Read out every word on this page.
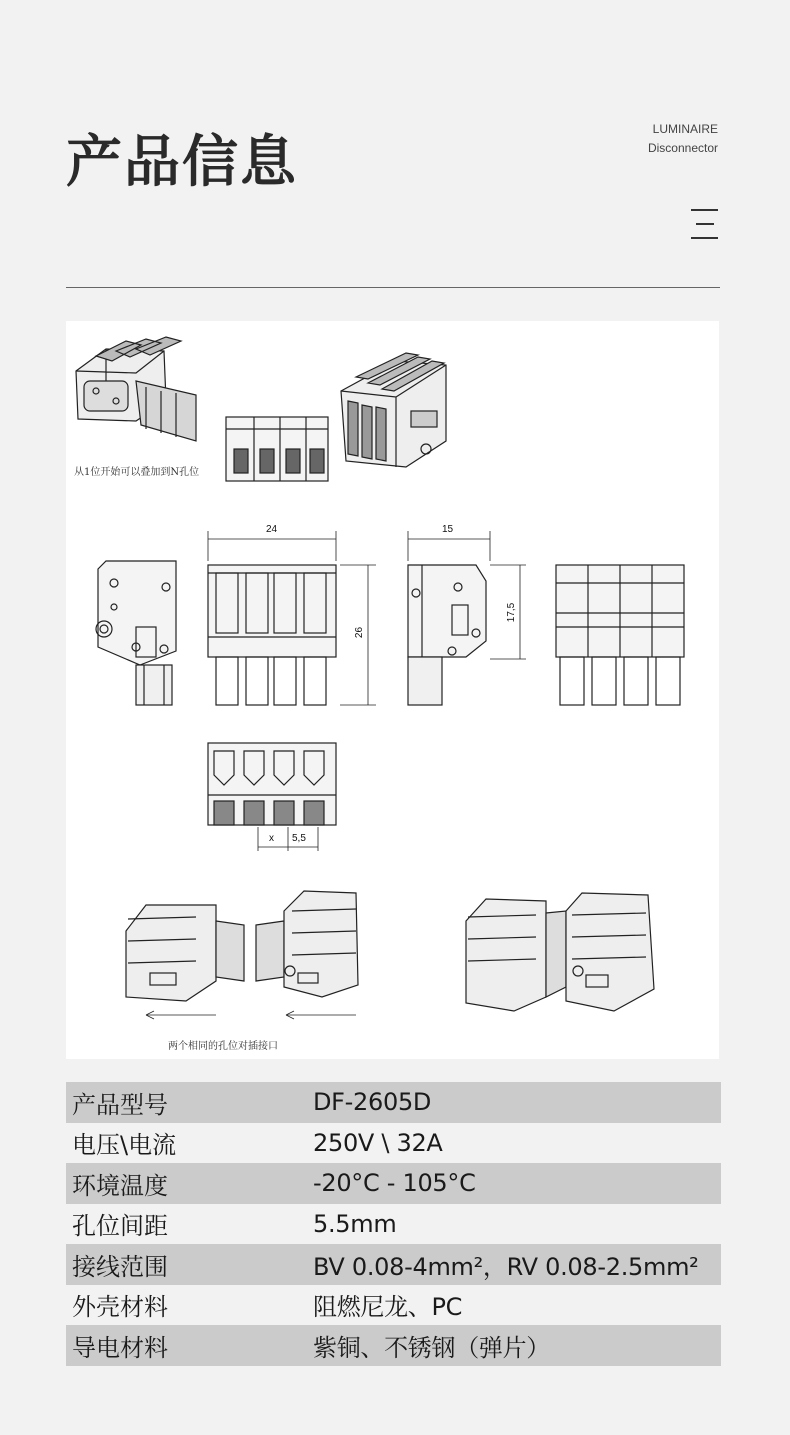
产品信息
LUMINAIRE
Disconnector
从1位开始可以叠加到N孔位
两个相同的孔位对插接口
24	15
26
17,5
x 5,5
产品型号	DF-2605D
电压\电流	250V \ 32A
环境温度	-20°C - 105°C
孔位间距	5.5mm
接线范围	BV 0.08-4mm²，RV 0.08-2.5mm²
外壳材料	阻燃尼龙、PC
导电材料	紫铜、不锈钢（弹片）
